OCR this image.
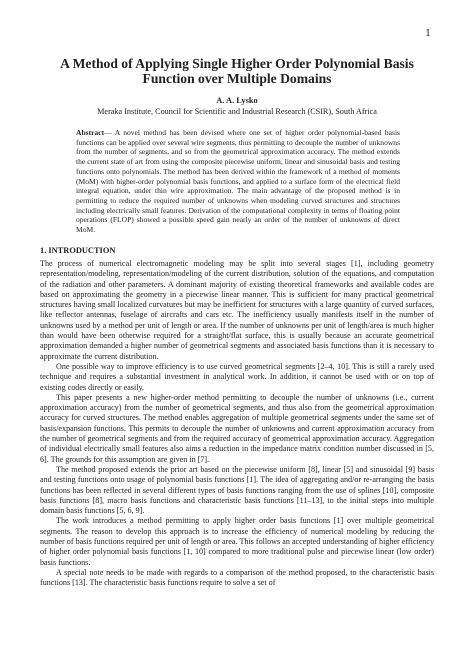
1
A Method of Applying Single Higher Order Polynomial Basis
Function over Multiple Domains
A. A. Lysko
Meraka Institute, Council for Scientific and Industrial Research (CSIR), South Africa
Abstract— A novel method has been devised where one set of higher order polynomial-based basis functions can be applied over several wire segments, thus permitting to decouple the number of unknowns from the number of segments, and so from the geometrical approximation accuracy. The method extends the current state of art from using the composite piecewise uniform, linear and sinusoidal basis and testing functions onto polynomials. The method has been derived within the framework of a method of moments (MoM) with higher-order polynomial basis functions, and applied to a surface form of the electrical field integral equation, under thin wire approximation. The main advantage of the proposed method is in permitting to reduce the required number of unknowns when modeling curved structures and structures including electrically small features. Derivation of the computational complexity in terms of floating point operations (FLOP) showed a possible speed gain nearly an order of the number of unknowns of direct MoM.
1. INTRODUCTION

The process of numerical electromagnetic modeling may be split into several stages [1], including geometry representation/modeling, representation/modeling of the current distribution, solution of the equations, and computation of the radiation and other parameters. A dominant majority of existing theoretical frameworks and available codes are based on approximating the geometry in a piecewise linear manner. This is sufficient for many practical geometrical structures having small localized curvatures but may be inefficient for structures with a large quantity of curved surfaces, like reflector antennas, fuselage of aircrafts and cars etc. The inefficiency usually manifests itself in the number of unknowns used by a method per unit of length or area. If the number of unknowns per unit of length/area is much higher than would have been otherwise required for a straight/flat surface, this is usually because an accurate geometrical approximation demanded a higher number of geometrical segments and associated basis functions than it is necessary to approximate the current distribution.

One possible way to improve efficiency is to use curved geometrical segments [2–4, 10]. This is still a rarely used technique and requires a substantial investment in analytical work. In addition, it cannot be used with or on top of existing codes directly or easily.

This paper presents a new higher-order method permitting to decouple the number of unknowns (i.e., current approximation accuracy) from the number of geometrical segments, and thus also from the geometrical approximation accuracy for curved structures. The method enables aggregation of multiple geometrical segments under the same set of basis/expansion functions. This permits to decouple the number of unknowns and current approximation accuracy from the number of geometrical segments and from the required accuracy of geometrical approximation accuracy. Aggregation of individual electrically small features also aims a reduction in the impedance matrix condition number discussed in [5, 6]. The grounds for this assumption are given in [7].

The method proposed extends the prior art based on the piecewise uniform [8], linear [5] and sinusoidal [9] basis and testing functions onto usage of polynomial basis functions [1]. The idea of aggregating and/or re-arranging the basis functions has been reflected in several different types of basis functions ranging from the use of splines [10], composite basis functions [8], macro basis functions and characteristic basis functions [11–13], to the initial steps into multiple domain basis functions [5, 6, 9].

The work introduces a method permitting to apply higher order basis functions [1] over multiple geometrical segments. The reason to develop this approach is to increase the efficiency of numerical modeling by reducing the number of basis functions required per unit of length or area. This follows an accepted understanding of higher efficiency of higher order polynomial basis functions [1, 10] compared to more traditional pulse and piecewise linear (low order) basis functions.

A special note needs to be made with regards to a comparison of the method proposed, to the characteristic basis functions [13]. The characteristic basis functions require to solve a set of
